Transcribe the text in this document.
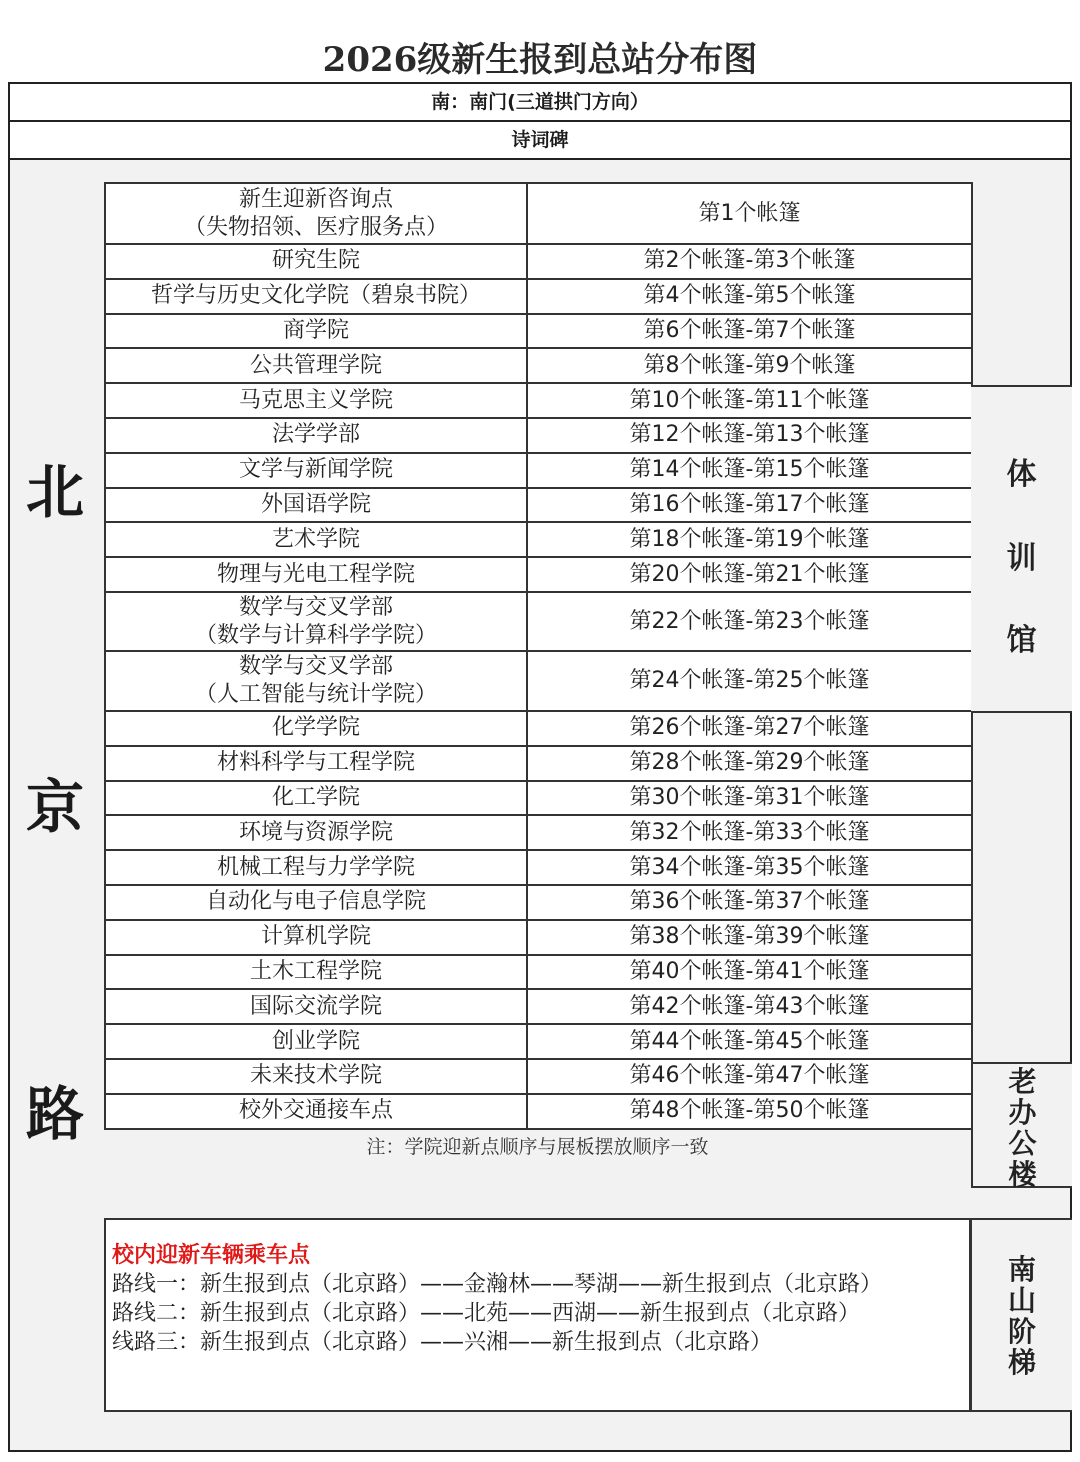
2026级新生报到总站分布图
南：南门(三道拱门方向）
诗词碑
北
京
路
新生迎新咨询点
（失物招领、医疗服务点）	第1个帐篷
研究生院	第2个帐篷-第3个帐篷
哲学与历史文化学院（碧泉书院）	第4个帐篷-第5个帐篷
商学院	第6个帐篷-第7个帐篷
公共管理学院	第8个帐篷-第9个帐篷
马克思主义学院	第10个帐篷-第11个帐篷
法学学部	第12个帐篷-第13个帐篷
文学与新闻学院	第14个帐篷-第15个帐篷
外国语学院	第16个帐篷-第17个帐篷
艺术学院	第18个帐篷-第19个帐篷
物理与光电工程学院	第20个帐篷-第21个帐篷

数学与交叉学部
（数学与计算科学学院）	第22个帐篷-第23个帐篷

数学与交叉学部
（人工智能与统计学院）	第24个帐篷-第25个帐篷
化学学院	第26个帐篷-第27个帐篷
材料科学与工程学院	第28个帐篷-第29个帐篷
化工学院	第30个帐篷-第31个帐篷
环境与资源学院	第32个帐篷-第33个帐篷
机械工程与力学学院	第34个帐篷-第35个帐篷
自动化与电子信息学院	第36个帐篷-第37个帐篷
计算机学院	第38个帐篷-第39个帐篷
土木工程学院	第40个帐篷-第41个帐篷
国际交流学院	第42个帐篷-第43个帐篷
创业学院	第44个帐篷-第45个帐篷
未来技术学院	第46个帐篷-第47个帐篷
校外交通接车点	第48个帐篷-第50个帐篷
注：学院迎新点顺序与展板摆放顺序一致
体
训
馆
老
办
公
楼
校内迎新车辆乘车点
路线一：新生报到点（北京路）——金瀚林——琴湖——新生报到点（北京路）
路线二：新生报到点（北京路）——北苑——西湖——新生报到点（北京路）
线路三：新生报到点（北京路）——兴湘——新生报到点（北京路）
南
山
阶
梯
